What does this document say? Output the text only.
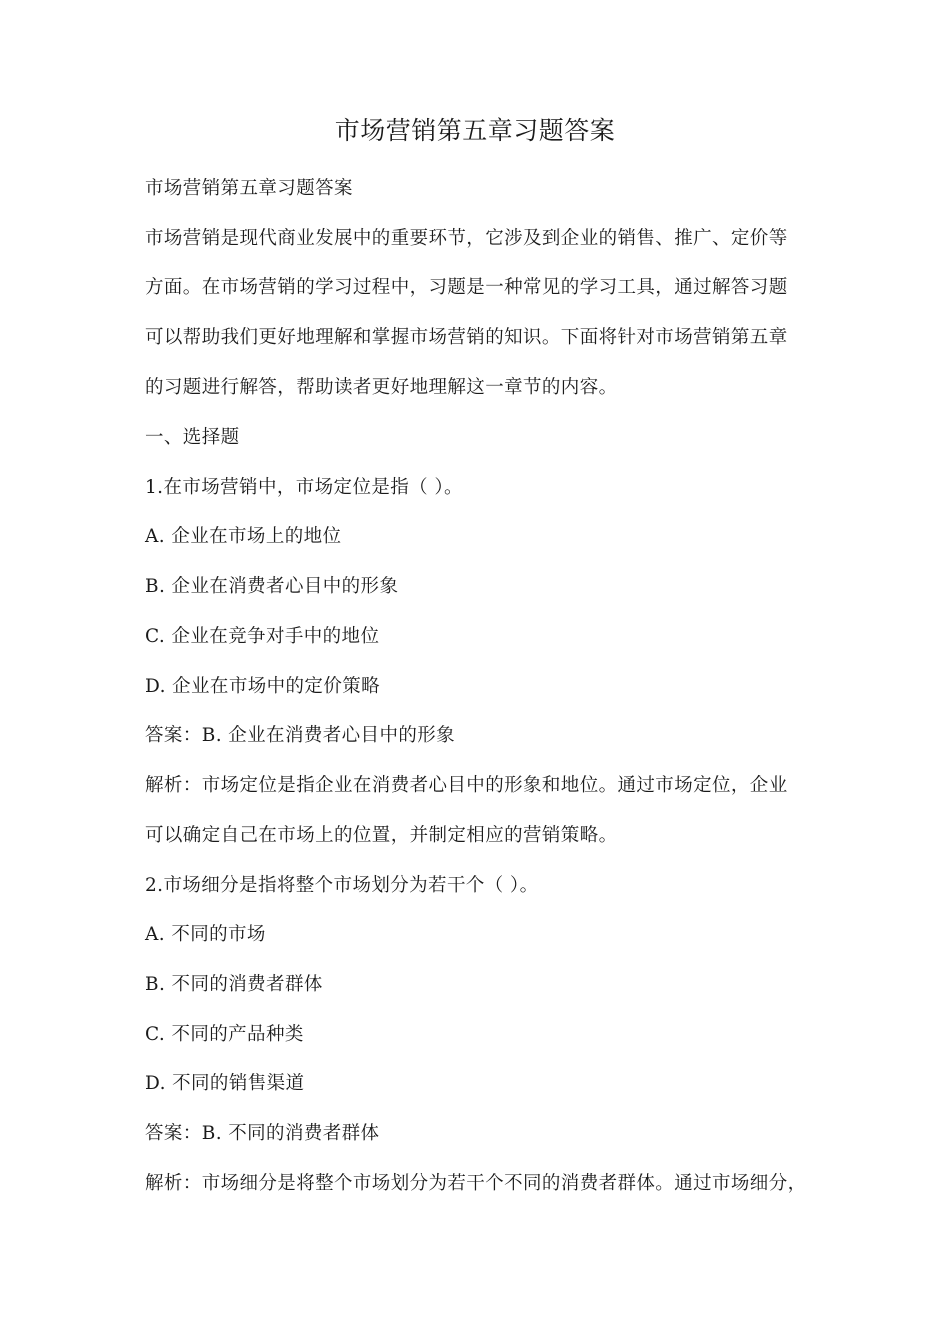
市场营销第五章习题答案
市场营销第五章习题答案
市场营销是现代商业发展中的重要环节，它涉及到企业的销售、推广、定价等
方面。在市场营销的学习过程中，习题是一种常见的学习工具，通过解答习题
可以帮助我们更好地理解和掌握市场营销的知识。下面将针对市场营销第五章
的习题进行解答，帮助读者更好地理解这一章节的内容。
一、选择题
1.在市场营销中，市场定位是指（ ）。
A. 企业在市场上的地位
B. 企业在消费者心目中的形象
C. 企业在竞争对手中的地位
D. 企业在市场中的定价策略
答案：B. 企业在消费者心目中的形象
解析：市场定位是指企业在消费者心目中的形象和地位。通过市场定位，企业
可以确定自己在市场上的位置，并制定相应的营销策略。
2.市场细分是指将整个市场划分为若干个（ ）。
A. 不同的市场
B. 不同的消费者群体
C. 不同的产品种类
D. 不同的销售渠道
答案：B. 不同的消费者群体
解析：市场细分是将整个市场划分为若干个不同的消费者群体。通过市场细分，
